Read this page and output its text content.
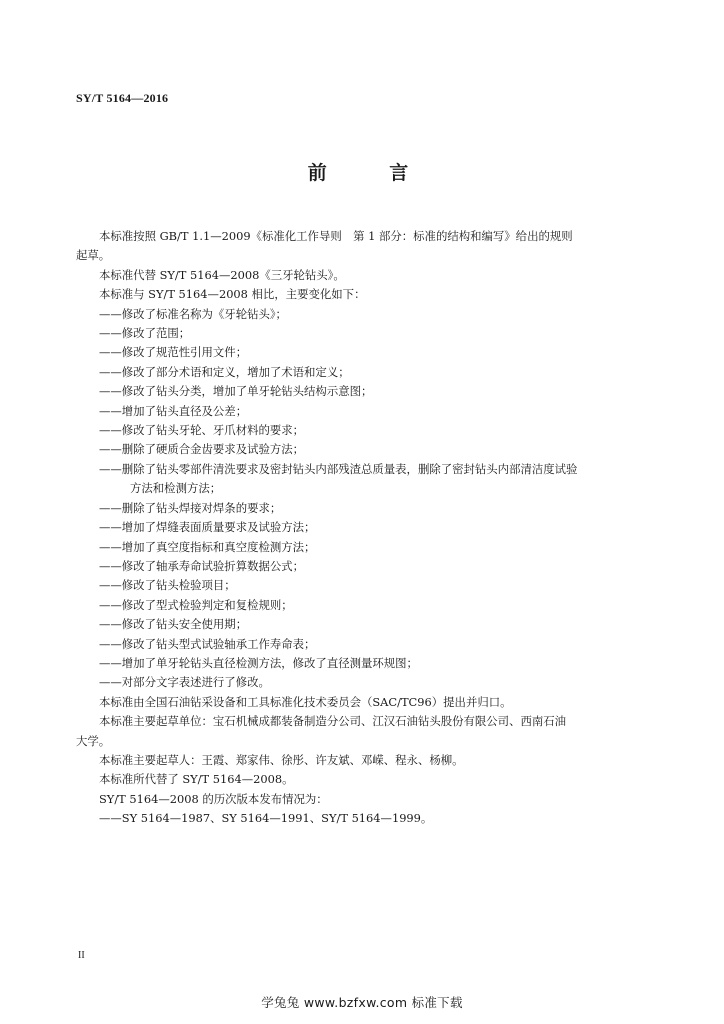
SY/T 5164—2016
前 言

本标准按照 GB/T 1.1—2009《标准化工作导则　第 1 部分：标准的结构和编写》给出的规则

起草。

本标准代替 SY/T 5164—2008《三牙轮钻头》。

本标准与 SY/T 5164—2008 相比，主要变化如下：

——修改了标准名称为《牙轮钻头》；

——修改了范围；

——修改了规范性引用文件；

——修改了部分术语和定义，增加了术语和定义；

——修改了钻头分类，增加了单牙轮钻头结构示意图；

——增加了钻头直径及公差；

——修改了钻头牙轮、牙爪材料的要求；

——删除了硬质合金齿要求及试验方法；

——删除了钻头零部件清洗要求及密封钻头内部残渣总质量表，删除了密封钻头内部清洁度试验

方法和检测方法；

——删除了钻头焊接对焊条的要求；

——增加了焊缝表面质量要求及试验方法；

——增加了真空度指标和真空度检测方法；

——修改了轴承寿命试验折算数据公式；

——修改了钻头检验项目；

——修改了型式检验判定和复检规则；

——修改了钻头安全使用期；

——修改了钻头型式试验轴承工作寿命表；

——增加了单牙轮钻头直径检测方法，修改了直径测量环规图；

——对部分文字表述进行了修改。

本标准由全国石油钻采设备和工具标准化技术委员会（SAC/TC96）提出并归口。

本标准主要起草单位：宝石机械成都装备制造分公司、江汉石油钻头股份有限公司、西南石油

大学。

本标准主要起草人：王霞、郑家伟、徐彤、许友斌、邓嵘、程永、杨柳。

本标准所代替了 SY/T 5164—2008。

SY/T 5164—2008 的历次版本发布情况为：

——SY 5164—1987、SY 5164—1991、SY/T 5164—1999。

II
学兔兔 www.bzfxw.com 标准下载
